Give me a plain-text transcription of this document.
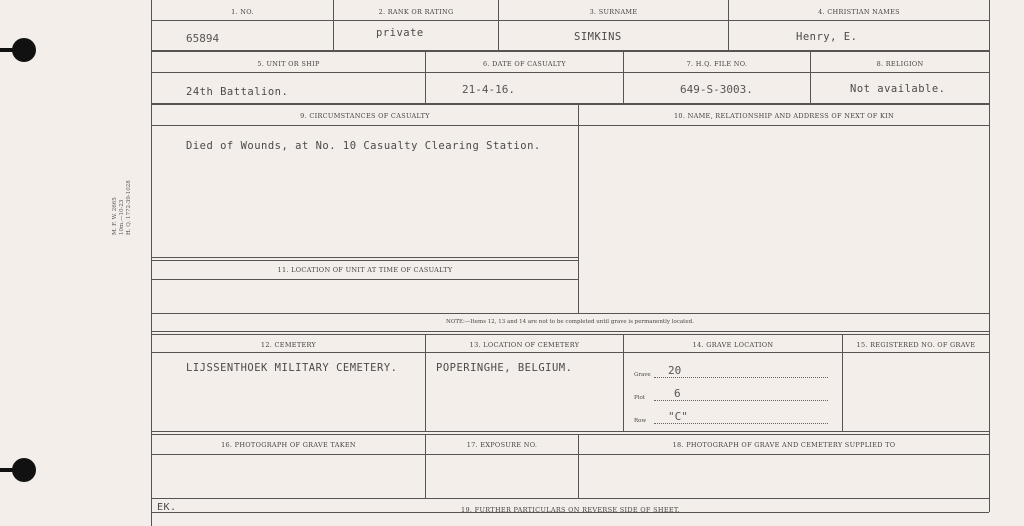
M. F. W. 2665 10m.—10-23 H. Q. 1772-39-1028
1. NO.	2. RANK OR RATING	3. SURNAME	4. CHRISTIAN NAMES
65894	private	SIMKINS	Henry, E.
5. UNIT OR SHIP	6. DATE OF CASUALTY	7. H.Q. FILE NO.	8. RELIGION
24th Battalion.	21-4-16.	649-S-3003.	Not available.
9. CIRCUMSTANCES OF CASUALTY	10. NAME, RELATIONSHIP AND ADDRESS OF NEXT OF KIN
Died of Wounds, at No. 10 Casualty Clearing Station.
11. LOCATION OF UNIT AT TIME OF CASUALTY
NOTE:—Items 12, 13 and 14 are not to be completed until grave is permanently located.
12. CEMETERY	13. LOCATION OF CEMETERY	14. GRAVE LOCATION	15. REGISTERED NO. OF GRAVE
LIJSSENTHOEK MILITARY CEMETERY.	POPERINGHE, BELGIUM.
Grave 20
Plot	6
Row "C"
16. PHOTOGRAPH OF GRAVE TAKEN	17. EXPOSURE NO.	18. PHOTOGRAPH OF GRAVE AND CEMETERY SUPPLIED TO
EK.	19. FURTHER PARTICULARS ON REVERSE SIDE OF SHEET.
